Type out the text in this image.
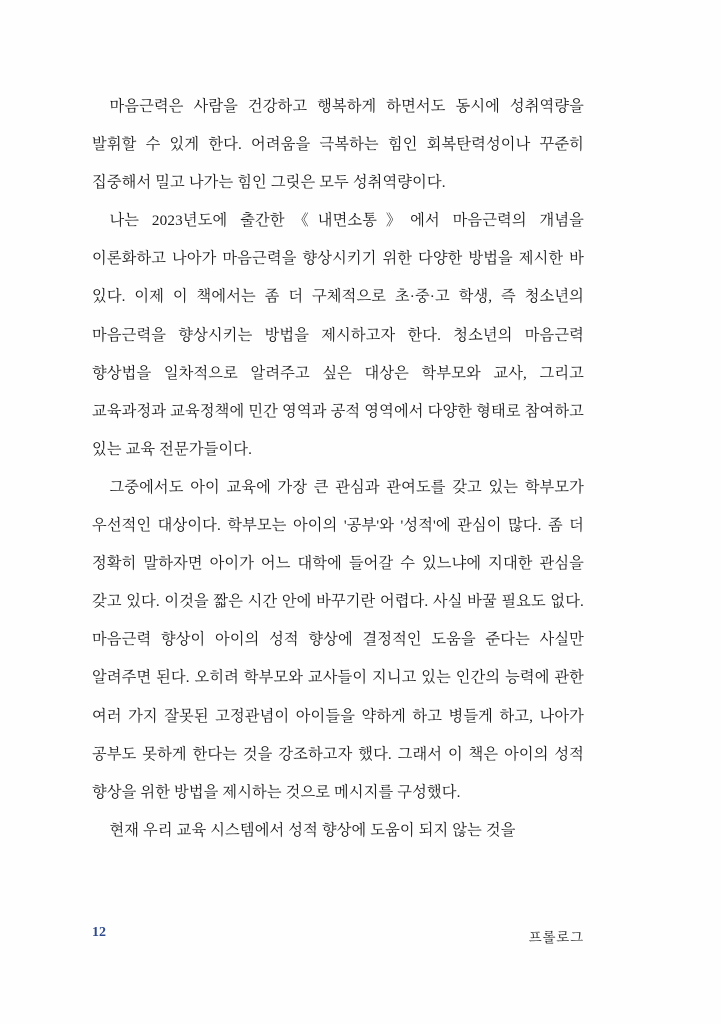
마음근력은 사람을 건강하고 행복하게 하면서도 동시에 성취역량을 발휘할 수 있게 한다. 어려움을 극복하는 힘인 회복탄력성이나 꾸준히 집중해서 밀고 나가는 힘인 그릿은 모두 성취역량이다.

나는 2023년도에 출간한《내면소통》에서 마음근력의 개념을 이론화하고 나아가 마음근력을 향상시키기 위한 다양한 방법을 제시한 바 있다. 이제 이 책에서는 좀 더 구체적으로 초·중·고 학생, 즉 청소년의 마음근력을 향상시키는 방법을 제시하고자 한다. 청소년의 마음근력 향상법을 일차적으로 알려주고 싶은 대상은 학부모와 교사, 그리고 교육과정과 교육정책에 민간 영역과 공적 영역에서 다양한 형태로 참여하고 있는 교육 전문가들이다.

그중에서도 아이 교육에 가장 큰 관심과 관여도를 갖고 있는 학부모가 우선적인 대상이다. 학부모는 아이의 '공부'와 '성적'에 관심이 많다. 좀 더 정확히 말하자면 아이가 어느 대학에 들어갈 수 있느냐에 지대한 관심을 갖고 있다. 이것을 짧은 시간 안에 바꾸기란 어렵다. 사실 바꿀 필요도 없다. 마음근력 향상이 아이의 성적 향상에 결정적인 도움을 준다는 사실만 알려주면 된다. 오히려 학부모와 교사들이 지니고 있는 인간의 능력에 관한 여러 가지 잘못된 고정관념이 아이들을 약하게 하고 병들게 하고, 나아가 공부도 못하게 한다는 것을 강조하고자 했다. 그래서 이 책은 아이의 성적 향상을 위한 방법을 제시하는 것으로 메시지를 구성했다.

현재 우리 교육 시스템에서 성적 향상에 도움이 되지 않는 것을

12	프롤로그
